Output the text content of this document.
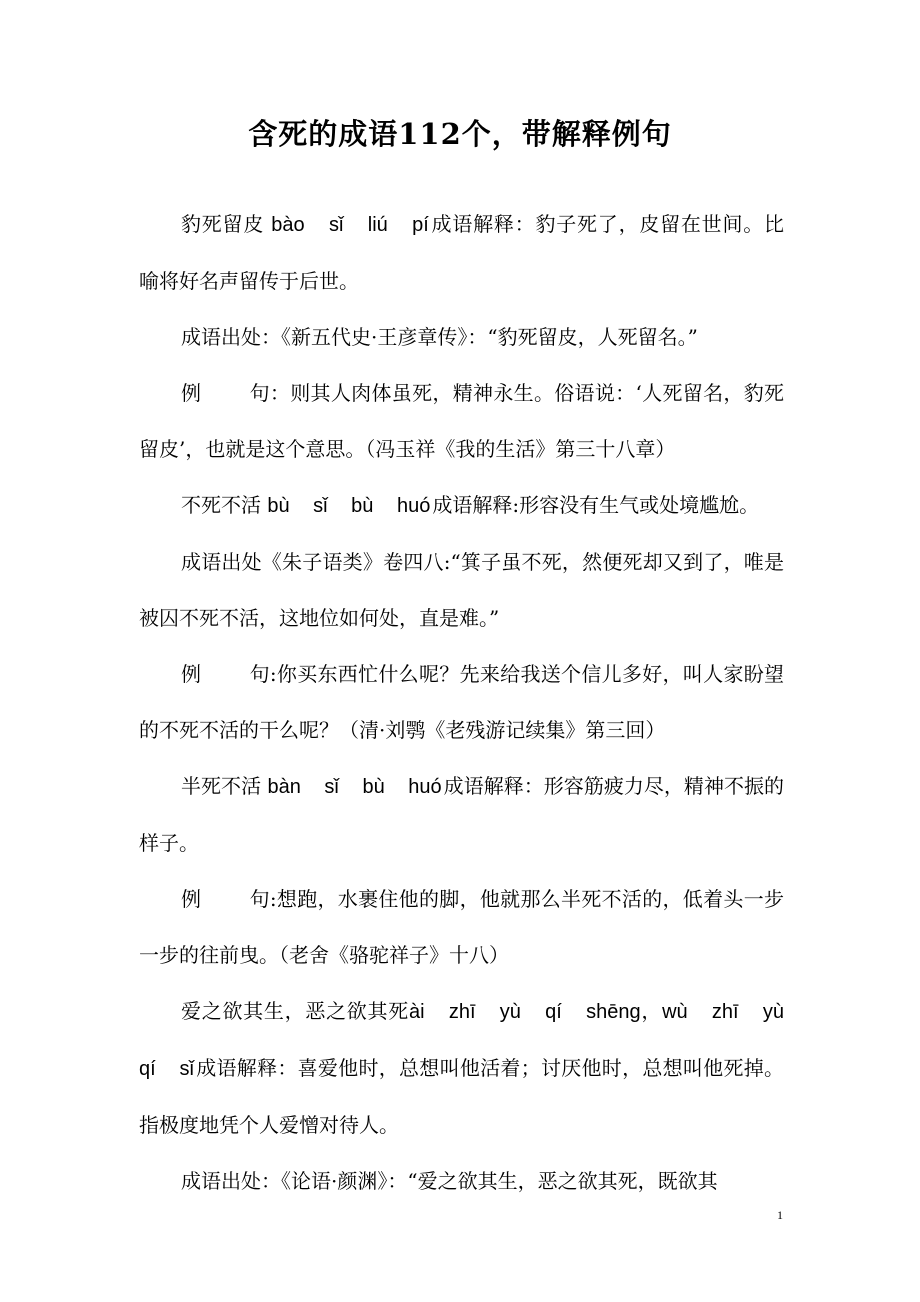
含死的成语112个，带解释例句

豹死留皮 bào sǐ liú pí 成语解释：豹子死了，皮留在世间。比喻将好名声留传于后世。

成语出处：《新五代史·王彦章传》：“豹死留皮，人死留名。”

例 句：则其人肉体虽死，精神永生。俗语说：‘人死留名，豹死留皮’，也就是这个意思。（冯玉祥《我的生活》第三十八章）

不死不活 bù sǐ bù huó 成语解释:形容没有生气或处境尴尬。

成语出处《朱子语类》卷四八:“箕子虽不死，然便死却又到了，唯是被囚不死不活，这地位如何处，直是难。”

例 句:你买东西忙什么呢？先来给我送个信儿多好，叫人家盼望的不死不活的干么呢？（清·刘鹗《老残游记续集》第三回）

半死不活 bàn sǐ bù huó 成语解释：形容筋疲力尽，精神不振的样子。

例 句:想跑，水裹住他的脚，他就那么半死不活的，低着头一步一步的往前曳。（老舍《骆驼祥子》十八）

爱之欲其生，恶之欲其死ài zhī yù qí shēng，wù zhī yù qí sǐ 成语解释：喜爱他时，总想叫他活着；讨厌他时，总想叫他死掉。指极度地凭个人爱憎对待人。

成语出处：《论语·颜渊》：“爱之欲其生，恶之欲其死，既欲其

1
